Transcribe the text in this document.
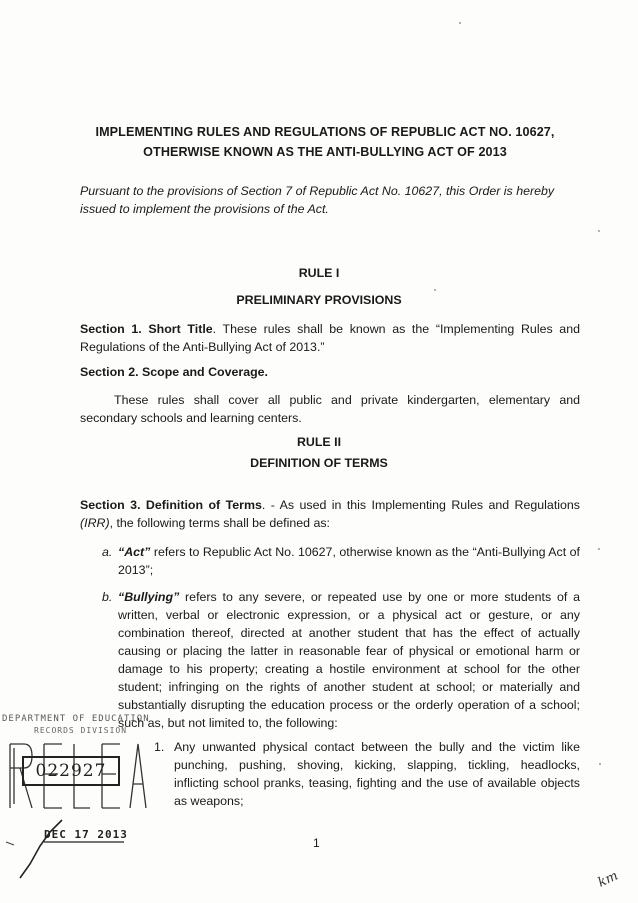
IMPLEMENTING RULES AND REGULATIONS OF REPUBLIC ACT NO. 10627,
OTHERWISE KNOWN AS THE ANTI-BULLYING ACT OF 2013
Pursuant to the provisions of Section 7 of Republic Act No. 10627, this Order is hereby issued to implement the provisions of the Act.
RULE I
PRELIMINARY PROVISIONS
Section 1. Short Title. These rules shall be known as the “Implementing Rules and Regulations of the Anti-Bullying Act of 2013.”
Section 2. Scope and Coverage.
These rules shall cover all public and private kindergarten, elementary and secondary schools and learning centers.
RULE II
DEFINITION OF TERMS
Section 3. Definition of Terms. - As used in this Implementing Rules and Regulations (IRR), the following terms shall be defined as:
a. “Act” refers to Republic Act No. 10627, otherwise known as the “Anti-Bullying Act of 2013”;
b. “Bullying” refers to any severe, or repeated use by one or more students of a written, verbal or electronic expression, or a physical act or gesture, or any combination thereof, directed at another student that has the effect of actually causing or placing the latter in reasonable fear of physical or emotional harm or damage to his property; creating a hostile environment at school for the other student; infringing on the rights of another student at school; or materially and substantially disrupting the education process or the orderly operation of a school; such as, but not limited to, the following:
1. Any unwanted physical contact between the bully and the victim like punching, pushing, shoving, kicking, slapping, tickling, headlocks, inflicting school pranks, teasing, fighting and the use of available objects as weapons;
1
DEPARTMENT OF EDUCATION
RECORDS DIVISION
022927
DEC 17 2013
km
